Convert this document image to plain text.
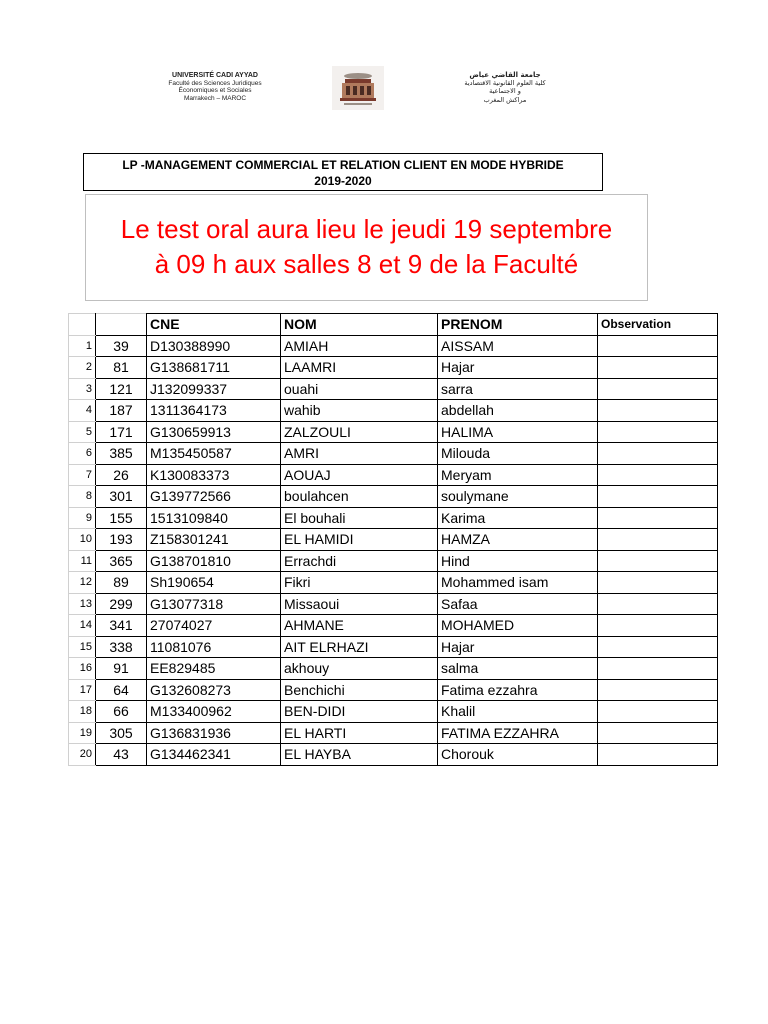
UNIVERSITÉ CADI AYYAD
Faculté des Sciences Juridiques
Économiques et Sociales
Marrakech – MAROC
جامعة القاضي عياض
كلية العلوم القانونية الاقتصادية
و الاجتماعية
مراكش المغرب
LP -MANAGEMENT COMMERCIAL ET RELATION CLIENT EN MODE HYBRIDE
2019-2020
Le test oral aura lieu le jeudi 19 septembre
à 09 h aux salles 8 et 9 de la Faculté
		CNE	NOM	PRENOM	Observation
1	39	D130388990	AMIAH	AISSAM	
2	81	G138681711	LAAMRI	Hajar	
3	121	J132099337	ouahi	sarra	
4	187	1311364173	wahib	abdellah	
5	171	G130659913	ZALZOULI	HALIMA	
6	385	M135450587	AMRI	Milouda	
7	26	K130083373	AOUAJ	Meryam	
8	301	G139772566	boulahcen	soulymane	
9	155	1513109840	El bouhali	Karima	
10	193	Z158301241	EL HAMIDI	HAMZA	
11	365	G138701810	Errachdi	Hind	
12	89	Sh190654	Fikri	Mohammed isam	
13	299	G13077318	Missaoui	Safaa	
14	341	27074027	AHMANE	MOHAMED	
15	338	11081076	AIT ELRHAZI	Hajar	
16	91	EE829485	akhouy	salma	
17	64	G132608273	Benchichi	Fatima ezzahra	
18	66	M133400962	BEN-DIDI	Khalil	
19	305	G136831936	EL HARTI	FATIMA EZZAHRA	
20	43	G134462341	EL HAYBA	Chorouk	
